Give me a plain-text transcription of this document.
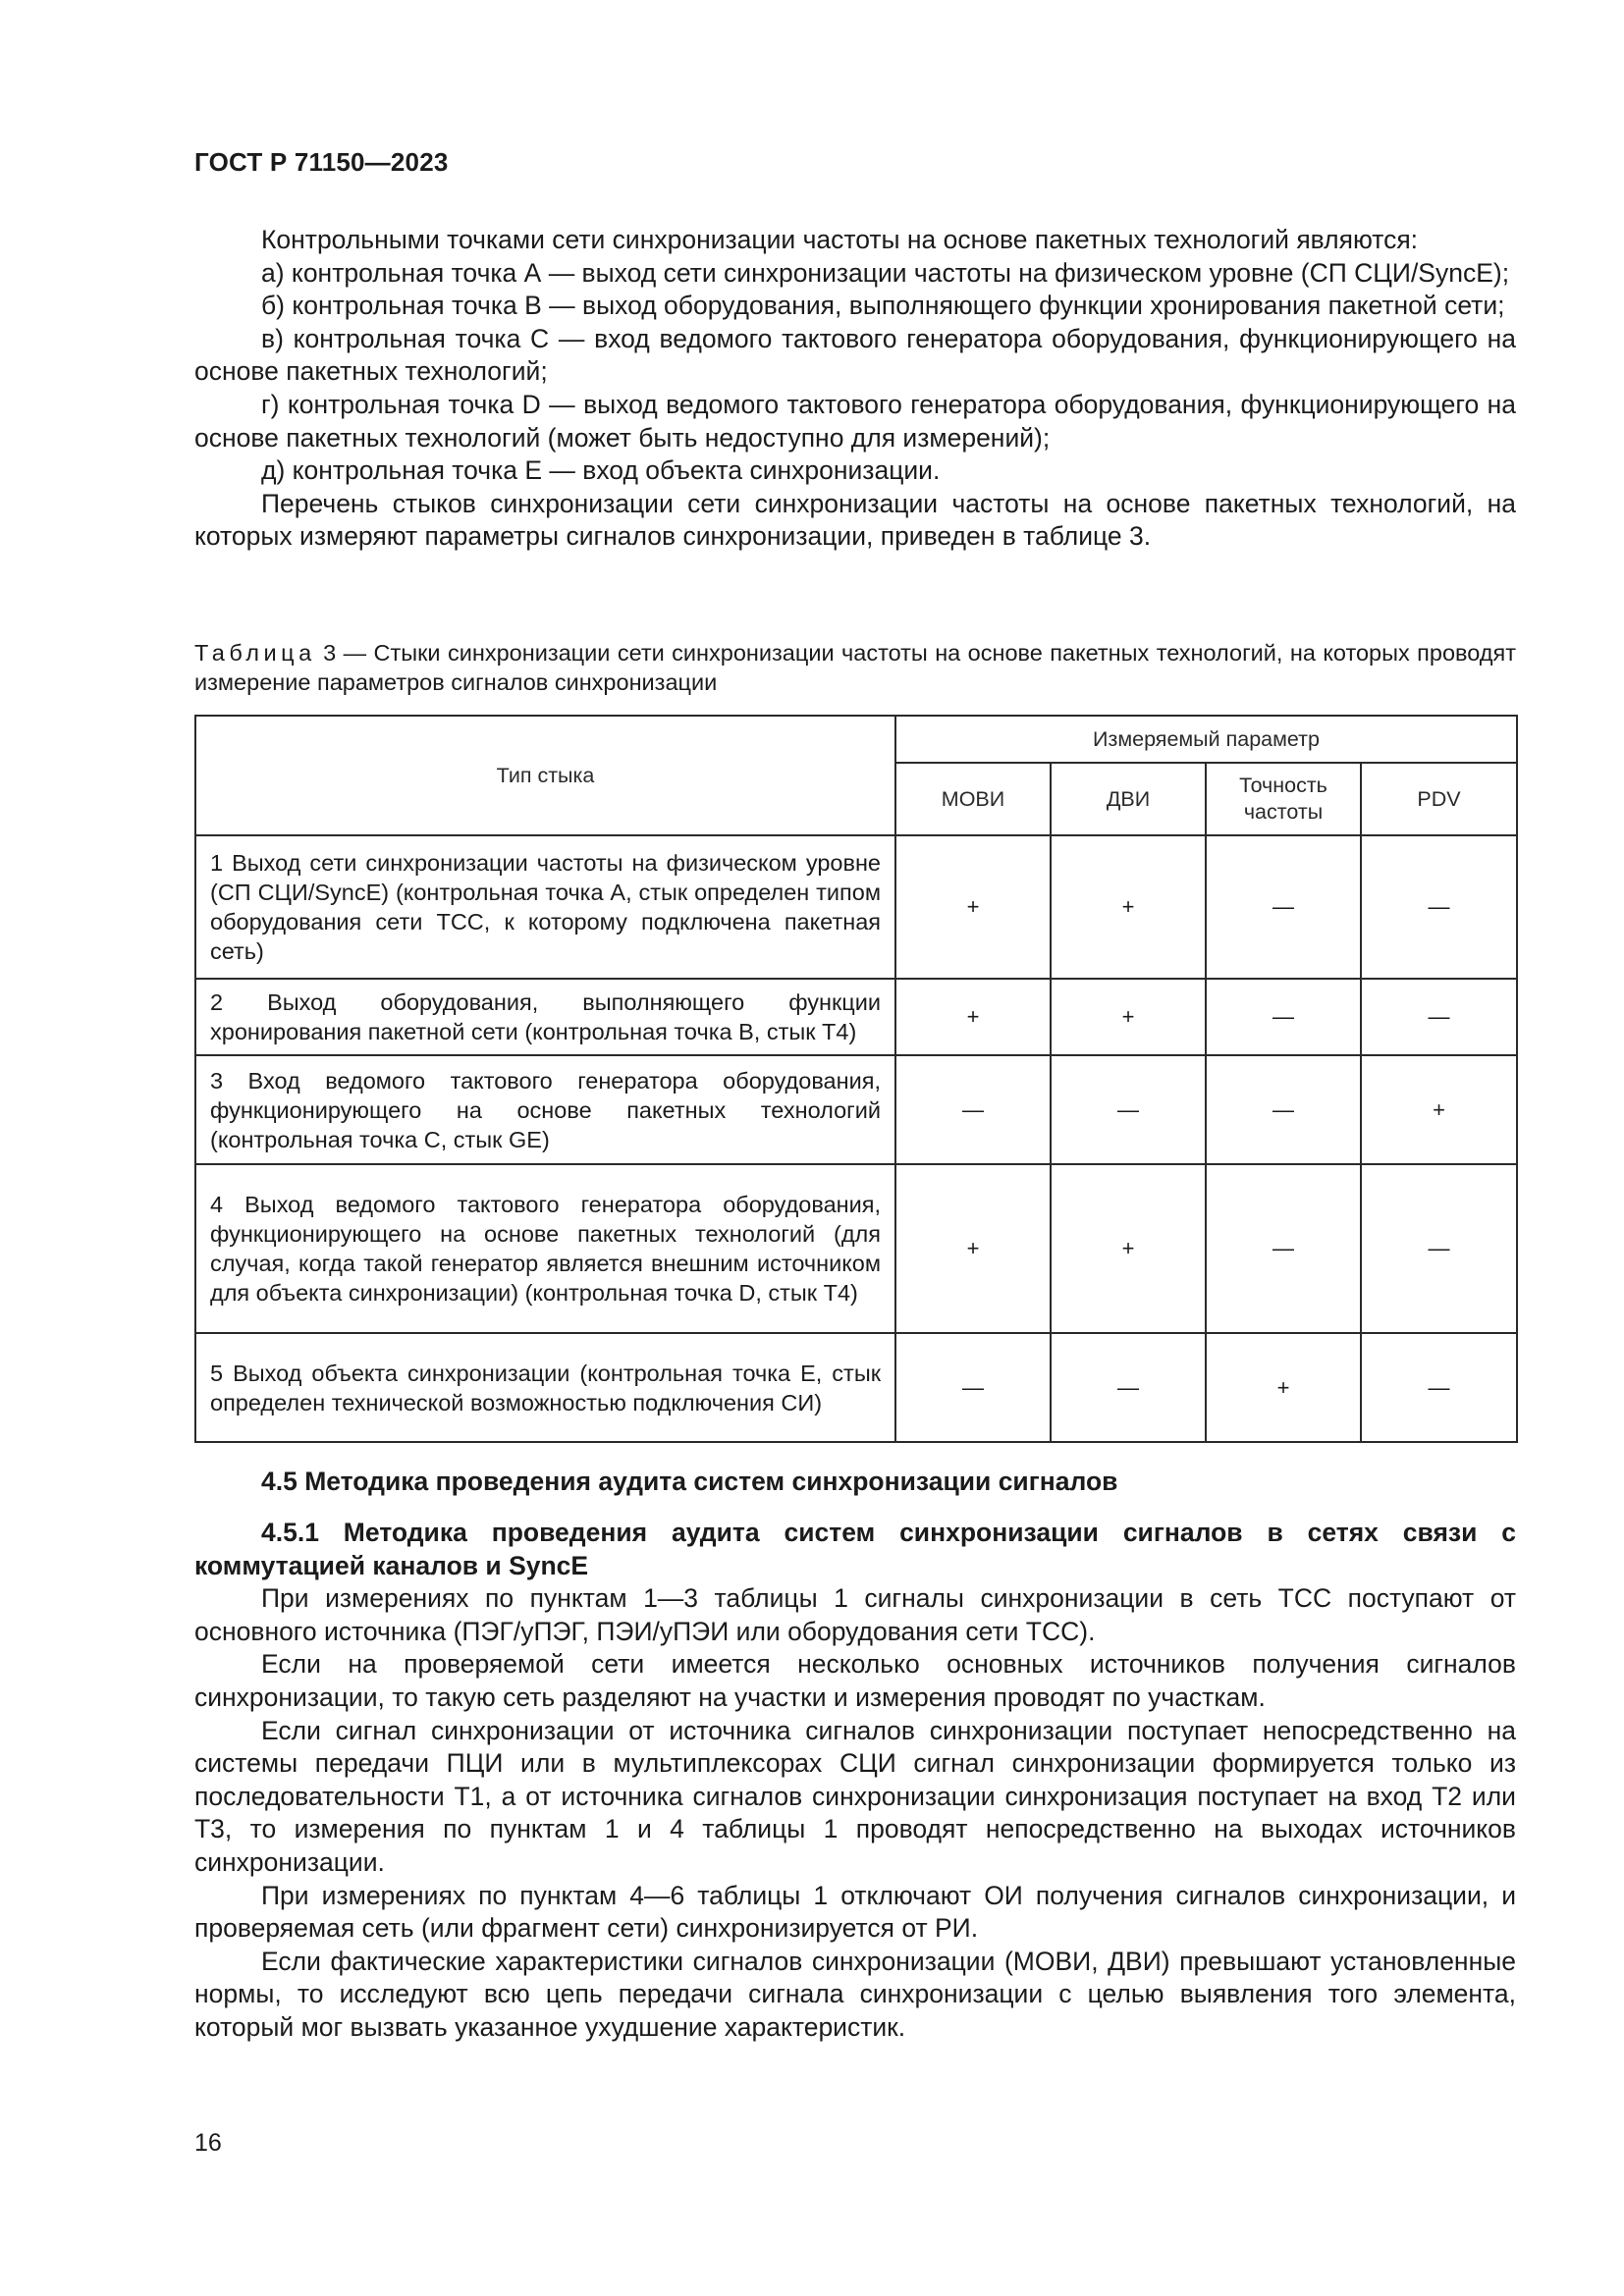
ГОСТ Р 71150—2023

Контрольными точками сети синхронизации частоты на основе пакетных технологий являются:

а) контрольная точка А — выход сети синхронизации частоты на физическом уровне (СП СЦИ/SyncE);

б) контрольная точка В — выход оборудования, выполняющего функции хронирования пакетной сети;

в) контрольная точка С — вход ведомого тактового генератора оборудования, функционирующего на основе пакетных технологий;

г) контрольная точка D — выход ведомого тактового генератора оборудования, функционирующего на основе пакетных технологий (может быть недоступно для измерений);

д) контрольная точка Е — вход объекта синхронизации.

Перечень стыков синхронизации сети синхронизации частоты на основе пакетных технологий, на которых измеряют параметры сигналов синхронизации, приведен в таблице 3.

Таблица 3 — Стыки синхронизации сети синхронизации частоты на основе пакетных технологий, на которых проводят измерение параметров сигналов синхронизации
Тип стыка	Измеряемый параметр			
	МОВИ	ДВИ	Точность частоты	PDV
1 Выход сети синхронизации частоты на физическом уровне (СП СЦИ/SyncE) (контрольная точка А, стык определен типом оборудования сети ТСС, к которому подключена пакетная сеть)	+	+	—	—
2 Выход оборудования, выполняющего функции хронирования пакетной сети (контрольная точка В, стык Т4)	+	+	—	—
3 Вход ведомого тактового генератора оборудования, функционирующего на основе пакетных технологий (контрольная точка С, стык GE)	—	—	—	+
4 Выход ведомого тактового генератора оборудования, функционирующего на основе пакетных технологий (для случая, когда такой генератор является внешним источником для объекта синхронизации) (контрольная точка D, стык Т4)	+	+	—	—
5 Выход объекта синхронизации (контрольная точка Е, стык определен технической возможностью подключения СИ)	—	—	+	—

4.5 Методика проведения аудита систем синхронизации сигналов

4.5.1 Методика проведения аудита систем синхронизации сигналов в сетях связи с коммутацией каналов и SyncE

При измерениях по пунктам 1—3 таблицы 1 сигналы синхронизации в сеть ТСС поступают от основного источника (ПЭГ/уПЭГ, ПЭИ/уПЭИ или оборудования сети ТСС).

Если на проверяемой сети имеется несколько основных источников получения сигналов синхронизации, то такую сеть разделяют на участки и измерения проводят по участкам.

Если сигнал синхронизации от источника сигналов синхронизации поступает непосредственно на системы передачи ПЦИ или в мультиплексорах СЦИ сигнал синхронизации формируется только из последовательности Т1, а от источника сигналов синхронизации синхронизация поступает на вход Т2 или Т3, то измерения по пунктам 1 и 4 таблицы 1 проводят непосредственно на выходах источников синхронизации.

При измерениях по пунктам 4—6 таблицы 1 отключают ОИ получения сигналов синхронизации, и проверяемая сеть (или фрагмент сети) синхронизируется от РИ.

Если фактические характеристики сигналов синхронизации (МОВИ, ДВИ) превышают установленные нормы, то исследуют всю цепь передачи сигнала синхронизации с целью выявления того элемента, который мог вызвать указанное ухудшение характеристик.

16
